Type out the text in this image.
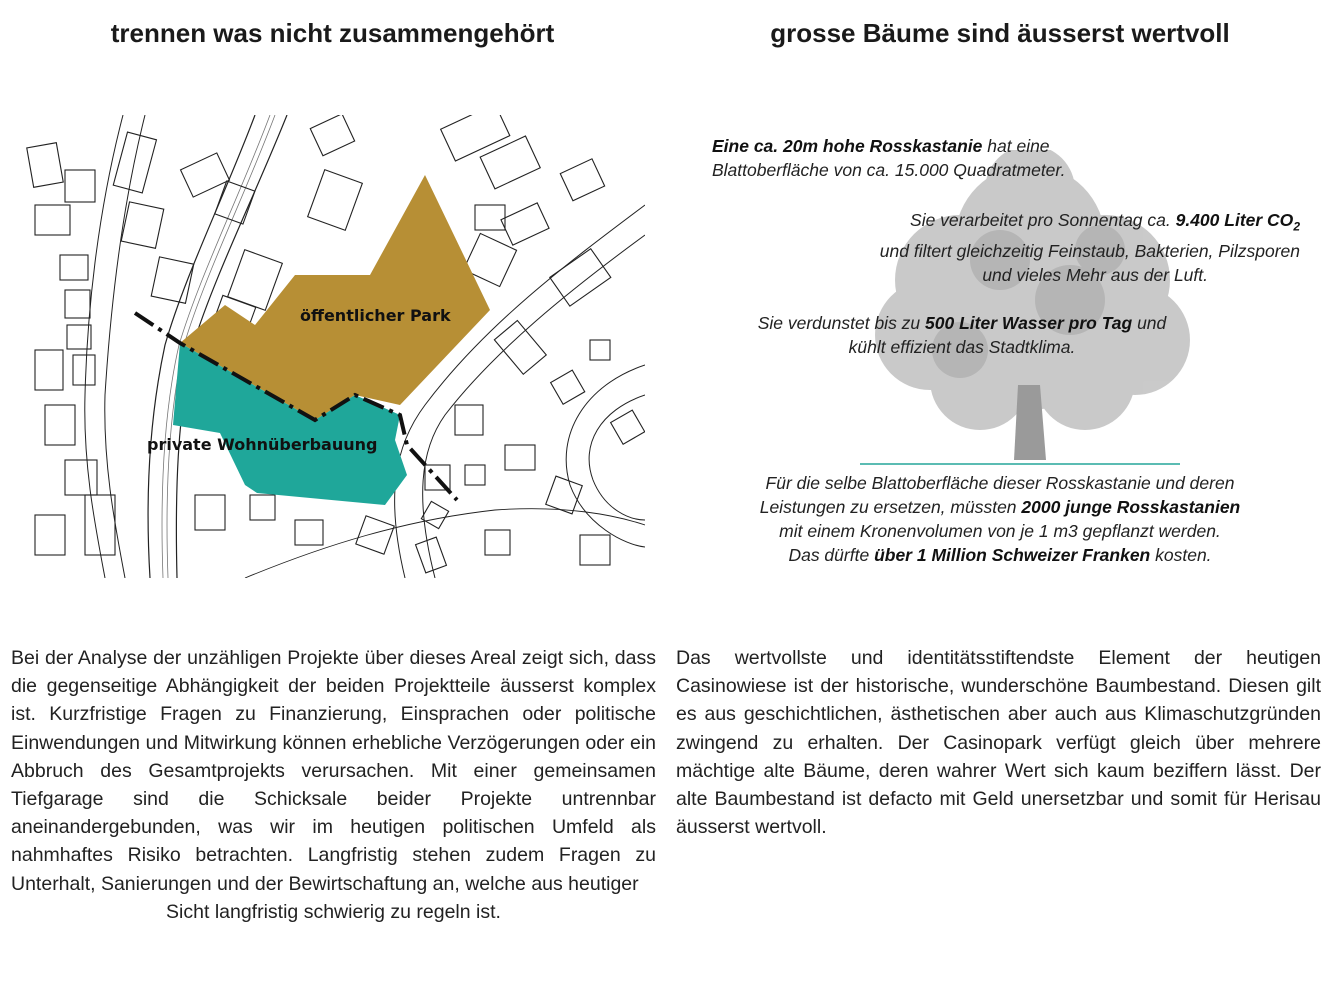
trennen was nicht zusammengehört	grosse Bäume sind äusserst wertvoll
öffentlicher Park
private Wohnüberbauung
Eine ca. 20m hohe Rosskastanie hat eine
Blattoberfläche von ca. 15.000 Quadratmeter.
Sie verarbeitet pro Sonnentag ca. 9.400 Liter $CO_2$
und filtert gleichzeitig Feinstaub, Bakterien, Pilzsporen
und vieles Mehr aus der Luft.
Sie verdunstet bis zu 500 Liter Wasser pro Tag und
kühlt effizient das Stadtklima.
Für die selbe Blattoberfläche dieser Rosskastanie und deren
Leistungen zu ersetzen, müssten 2000 junge Rosskastanien
mit einem Kronenvolumen von je 1 m3 gepflanzt werden.
Das dürfte über 1 Million Schweizer Franken kosten.
Bei der Analyse der unzähligen Projekte über dieses Areal zeigt sich, dass die gegenseitige Abhängigkeit der beiden Projektteile äusserst komplex ist. Kurzfristige Fragen zu Finanzierung, Einsprachen oder politische Einwendungen und Mitwirkung können erhebliche Verzögerungen oder ein Abbruch des Gesamtprojekts verursachen. Mit einer gemeinsamen Tiefgarage sind die Schicksale beider Projekte untrennbar aneinandergebunden, was wir im heutigen politischen Umfeld als nahmhaftes Risiko betrachten. Langfristig stehen zudem Fragen zu Unterhalt, Sanierungen und der Bewirtschaftung an, welche aus heutiger
Sicht langfristig schwierig zu regeln ist.
Das wertvollste und identitätsstiftendste Element der heutigen Casinowiese ist der historische, wunderschöne Baumbestand. Diesen gilt es aus geschichtlichen, ästhetischen aber auch aus Klimaschutzgründen zwingend zu erhalten. Der Casinopark verfügt gleich über mehrere mächtige alte Bäume, deren wahrer Wert sich kaum beziffern lässt. Der alte Baumbestand ist defacto mit Geld unersetzbar und somit für Herisau äusserst wertvoll.
